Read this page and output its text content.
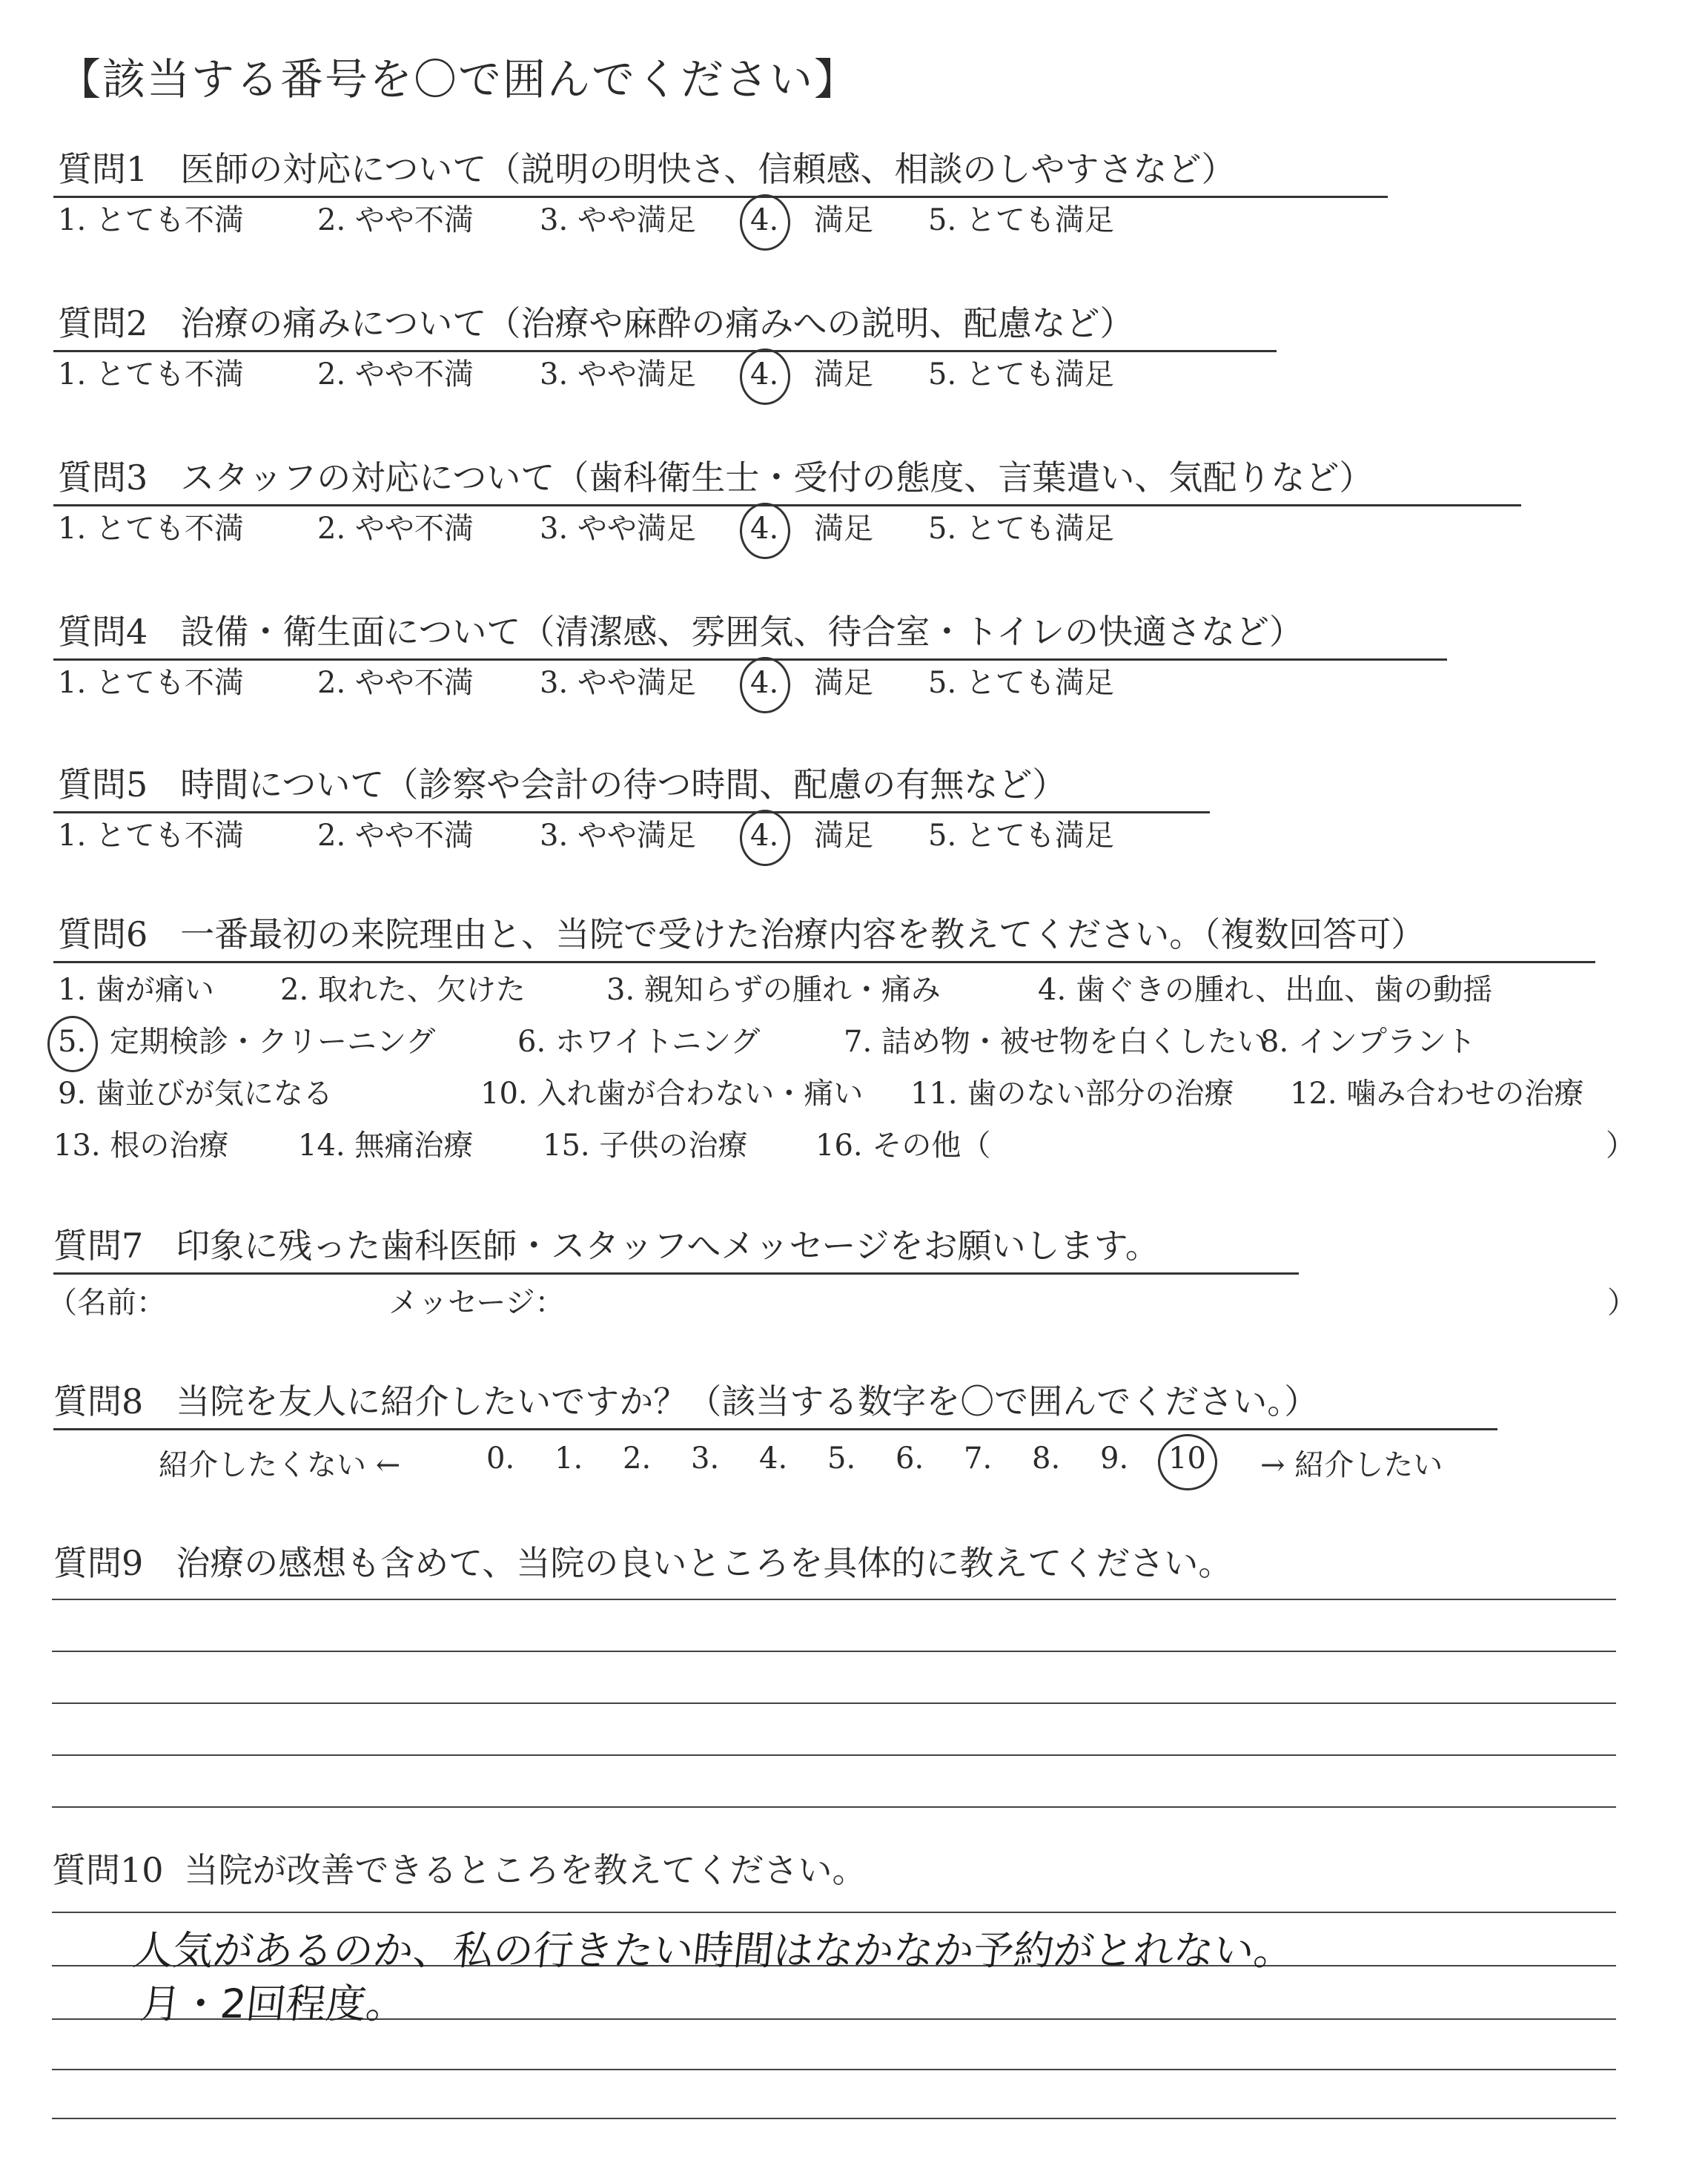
【該当する番号を〇で囲んでください】
質問1 医師の対応について（説明の明快さ、信頼感、相談のしやすさなど）
1. とても不満 2. やや不満 3. やや満足 4. 満足 5. とても満足
質問2 治療の痛みについて（治療や麻酔の痛みへの説明、配慮など）
1. とても不満 2. やや不満 3. やや満足 4. 満足 5. とても満足
質問3 スタッフの対応について（歯科衛生士・受付の態度、言葉遣い、気配りなど）
1. とても不満 2. やや不満 3. やや満足 4. 満足 5. とても満足
質問4 設備・衛生面について（清潔感、雰囲気、待合室・トイレの快適さなど）
1. とても不満 2. やや不満 3. やや満足 4. 満足 5. とても満足
質問5 時間について（診察や会計の待つ時間、配慮の有無など）
1. とても不満 2. やや不満 3. やや満足 4. 満足 5. とても満足
質問6 一番最初の来院理由と、当院で受けた治療内容を教えてください。（複数回答可）
1. 歯が痛い 2. 取れた、欠けた	3. 親知らずの腫れ・痛み	4. 歯ぐきの腫れ、出血、歯の動揺
5. 定期検診・クリーニング	6. ホワイトニング	7. 詰め物・被せ物を白くしたい
8. インプラント
9. 歯並びが気になる	10. 入れ歯が合わない・痛い 11. 歯のない部分の治療 12. 噛み合わせの治療
13. 根の治療 14. 無痛治療 15. 子供の治療 16. その他（	）
質問7 印象に残った歯科医師・スタッフへメッセージをお願いします。
（名前：	メッセージ：	）
質問8 当院を友人に紹介したいですか？（該当する数字を〇で囲んでください。）
紹介したくない ←	0. 1. 2. 3. 4. 5. 6. 7. 8. 9. 10 → 紹介したい
質問9 治療の感想も含めて、当院の良いところを具体的に教えてください。
質問10 当院が改善できるところを教えてください。
人気があるのか、私の行きたい時間はなかなか予約がとれない。
月・2回程度。
